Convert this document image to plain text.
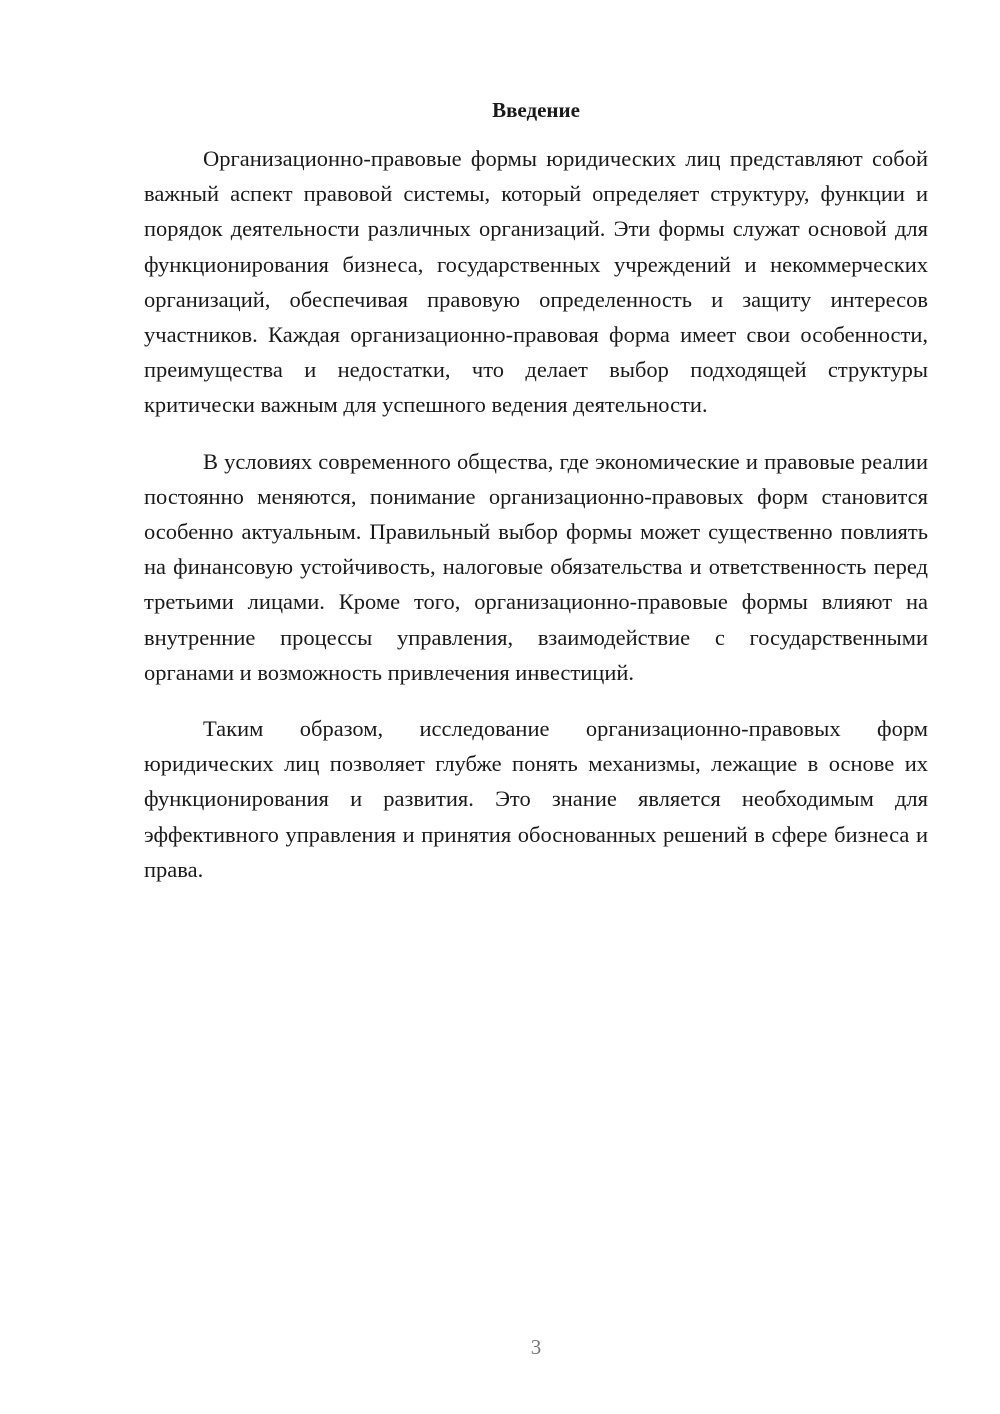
Введение

Организационно-правовые формы юридических лиц представляют собой важный аспект правовой системы, который определяет структуру, функции и порядок деятельности различных организаций. Эти формы служат основой для функционирования бизнеса, государственных учреждений и некоммерческих организаций, обеспечивая правовую определенность и защиту интересов участников. Каждая организационно-правовая форма имеет свои особенности, преимущества и недостатки, что делает выбор подходящей структуры критически важным для успешного ведения деятельности.

В условиях современного общества, где экономические и правовые реалии постоянно меняются, понимание организационно-правовых форм становится особенно актуальным. Правильный выбор формы может существенно повлиять на финансовую устойчивость, налоговые обязательства и ответственность перед третьими лицами. Кроме того, организационно-правовые формы влияют на внутренние процессы управления, взаимодействие с государственными органами и возможность привлечения инвестиций.

Таким образом, исследование организационно-правовых форм юридических лиц позволяет глубже понять механизмы, лежащие в основе их функционирования и развития. Это знание является необходимым для эффективного управления и принятия обоснованных решений в сфере бизнеса и права.

3
